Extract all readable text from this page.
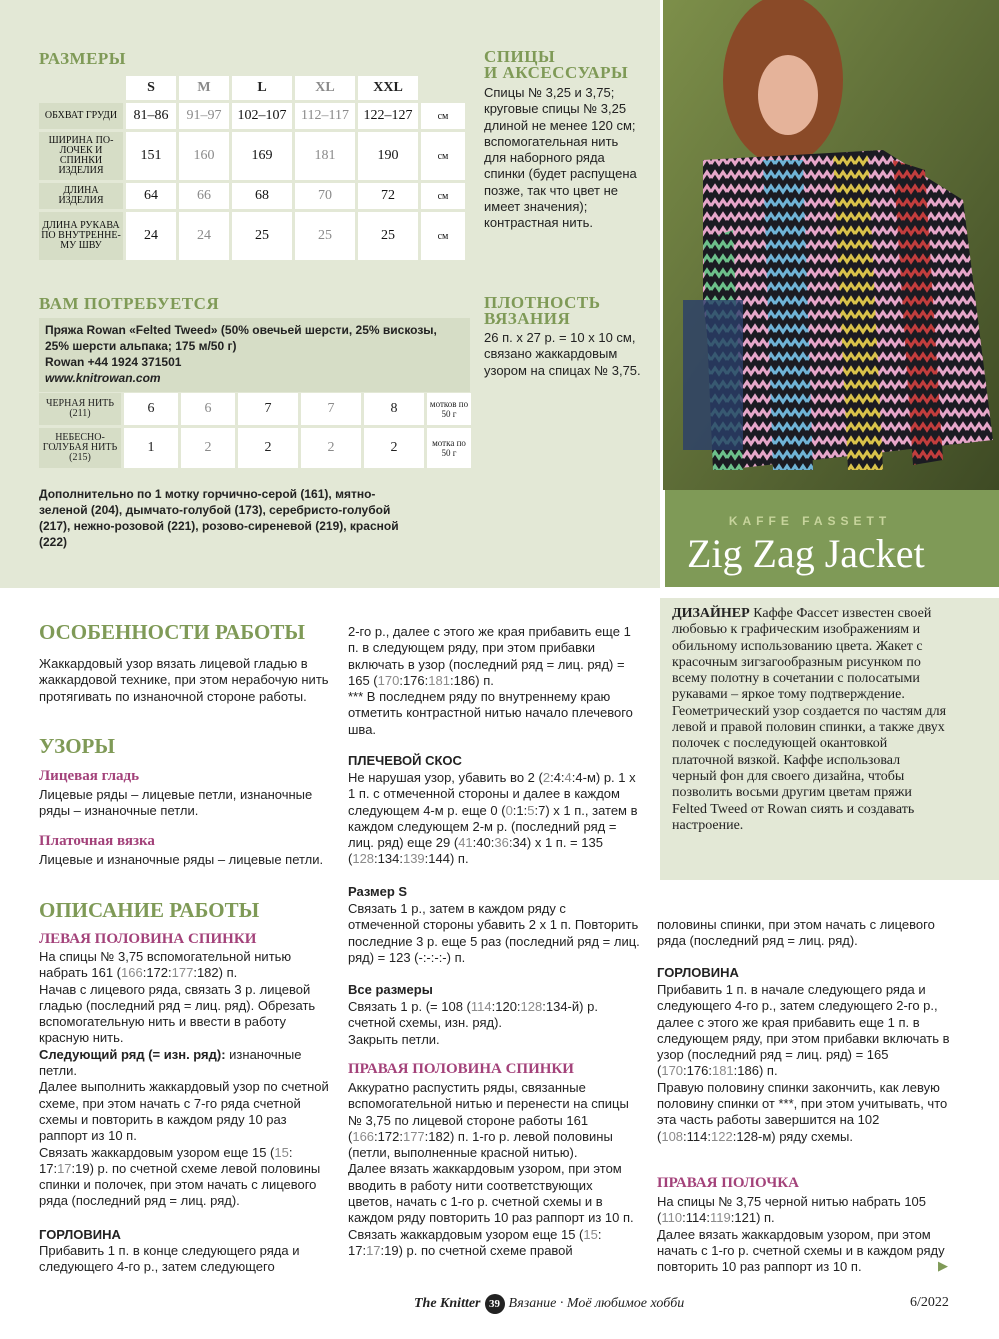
РАЗМЕРЫ
	S	M	L	XL	XXL	
ОБХВАТ ГРУДИ	81–86	91–97	102–107	112–117	122–127	см
ШИРИНА ПО-ЛОЧЕК И СПИНКИ ИЗДЕЛИЯ	151	160	169	181	190	см
ДЛИНА ИЗДЕЛИЯ	64	66	68	70	72	см
ДЛИНА РУКАВА ПО ВНУТРЕННЕ-МУ ШВУ	24	24	25	25	25	см
СПИЦЫ
И АКСЕССУАРЫ
Спицы № 3,25 и 3,75; круговые спицы № 3,25 длиной не менее 120 см; вспомогательная нить для наборного ряда спинки (будет распущена позже, так что цвет не имеет значения); контрастная нить.
ВАМ ПОТРЕБУЕТСЯ
Пряжа Rowan «Felted Tweed» (50% овечьей шерсти, 25% вискозы, 25% шерсти альпака; 175 м/50 г)
Rowan +44 1924 371501
www.knitrowan.com
ЧЕРНАЯ НИТЬ (211)	6	6	7	7	8	мотков по 50 г
НЕБЕСНО-ГОЛУБАЯ НИТЬ (215)	1	2	2	2	2	мотка по 50 г
Дополнительно по 1 мотку горчично-серой (161), мятно-зеленой (204), дымчато-голубой (173), серебристо-голубой (217), нежно-розовой (221), розово-сиреневой (219), красной (222)
ПЛОТНОСТЬ
ВЯЗАНИЯ
26 п. х 27 р. = 10 х 10 см, связано жаккардовым узором на спицах № 3,75.
KAFFE FASSETT
Zig Zag Jacket
ДИЗАЙНЕР Каффе Фассет известен своей любовью к графическим изображениям и обильному использованию цвета. Жакет с красочным зигзагообразным рисунком по всему полотну в сочетании с полосатыми рукавами – яркое тому подтверждение. Геометрический узор создается по частям для левой и правой половин спинки, а также двух полочек с последующей окантовкой платочной вязкой. Каффе использовал черный фон для своего дизайна, чтобы позволить восьми другим цветам пряжи Felted Tweed от Rowan сиять и создавать настроение.
ОСОБЕННОСТИ РАБОТЫ
Жаккардовый узор вязать лицевой гладью в жаккардовой технике, при этом нерабочую нить протягивать по изнаночной стороне работы.
УЗОРЫ
Лицевая гладь
Лицевые ряды – лицевые петли, изнаночные ряды – изнаночные петли.
Платочная вязка
Лицевые и изнаночные ряды – лицевые петли.
ОПИСАНИЕ РАБОТЫ
ЛЕВАЯ ПОЛОВИНА СПИНКИ
На спицы № 3,75 вспомогательной нитью набрать 161 (166:172:177:182) п.
Начав с лицевого ряда, связать 3 р. лицевой гладью (последний ряд = лиц. ряд). Обрезать вспомогательную нить и ввести в работу красную нить.
Следующий ряд (= изн. ряд): изнаночные петли.
Далее выполнить жаккардовый узор по счетной схеме, при этом начать с 7-го ряда счетной схемы и повторить в каждом ряду 10 раз раппорт из 10 п.
Связать жаккардовым узором еще 15 (15: 17:17:19) р. по счетной схеме левой половины спинки и полочек, при этом начать с лицевого ряда (последний ряд = лиц. ряд).
ГОРЛОВИНА
Прибавить 1 п. в конце следующего ряда и следующего 4-го р., затем следующего
2-го р., далее с этого же края прибавить еще 1 п. в следующем ряду, при этом прибавки включать в узор (последний ряд = лиц. ряд) = 165 (170:176:181:186) п.
*** В последнем ряду по внутреннему краю отметить контрастной нитью начало плечевого шва.
ПЛЕЧЕВОЙ СКОС
Не нарушая узор, убавить во 2 (2:4:4:4-м) р. 1 х 1 п. с отмеченной стороны и далее в каждом следующем 4-м р. еще 0 (0:1:5:7) х 1 п., затем в каждом следующем 2-м р. (последний ряд = лиц. ряд) еще 29 (41:40:36:34) х 1 п. = 135 (128:134:139:144) п.
Размер S
Связать 1 р., затем в каждом ряду с отмеченной стороны убавить 2 х 1 п. Повторить последние 3 р. еще 5 раз (последний ряд = лиц. ряд) = 123 (-:-:-:-) п.
Все размеры
Связать 1 р. (= 108 (114:120:128:134-й) р. счетной схемы, изн. ряд).
Закрыть петли.
ПРАВАЯ ПОЛОВИНА СПИНКИ
Аккуратно распустить ряды, связанные вспомогательной нитью и перенести на спицы № 3,75 по лицевой стороне работы 161 (166:172:177:182) п. 1-го р. левой половины (петли, выполненные красной нитью).
Далее вязать жаккардовым узором, при этом вводить в работу нити соответствующих цветов, начать с 1-го р. счетной схемы и в каждом ряду повторить 10 раз раппорт из 10 п.
Связать жаккардовым узором еще 15 (15: 17:17:19) р. по счетной схеме правой
половины спинки, при этом начать с лицевого ряда (последний ряд = лиц. ряд).
ГОРЛОВИНА
Прибавить 1 п. в начале следующего ряда и следующего 4-го р., затем следующего 2-го р., далее с этого же края прибавить еще 1 п. в следующем ряду, при этом прибавки включать в узор (последний ряд = лиц. ряд) = 165 (170:176:181:186) п.
Правую половину спинки закончить, как левую половину спинки от ***, при этом учитывать, что эта часть работы завершится на 102 (108:114:122:128-м) ряду схемы.
ПРАВАЯ ПОЛОЧКА
На спицы № 3,75 черной нитью набрать 105 (110:114:119:121) п.
Далее вязать жаккардовым узором, при этом начать с 1-го р. счетной схемы и в каждом ряду повторить 10 раз раппорт из 10 п.	▶
The Knitter 39 Вязание · Моё любимое хобби	6/2022
